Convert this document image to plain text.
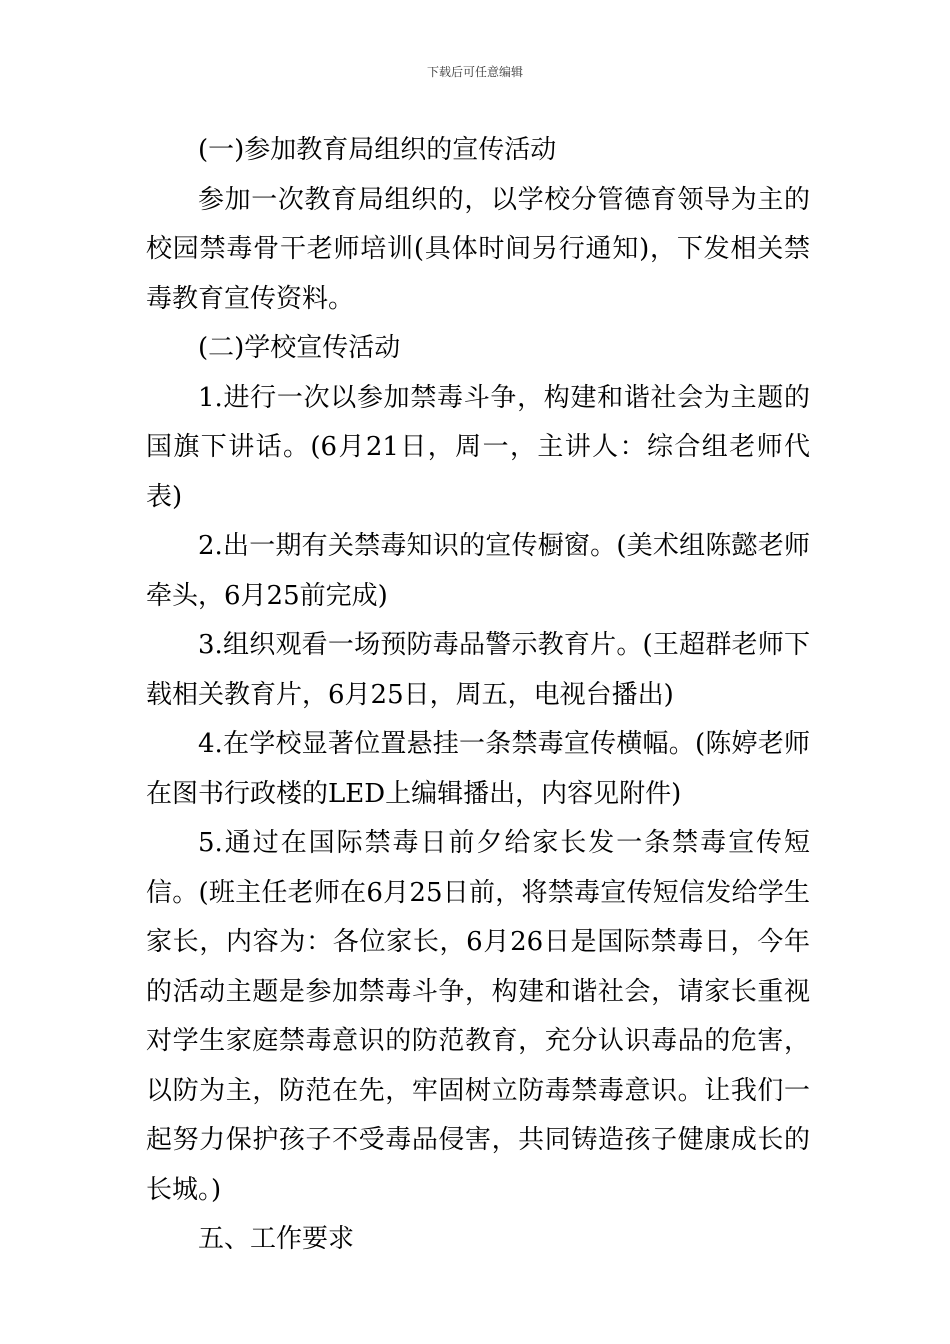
下载后可任意编辑

(一)参加教育局组织的宣传活动

参加一次教育局组织的，以学校分管德育领导为主的校园禁毒骨干老师培训(具体时间另行通知)，下发相关禁毒教育宣传资料。

(二)学校宣传活动

1.进行一次以参加禁毒斗争，构建和谐社会为主题的国旗下讲话。(6月21日，周一，主讲人：综合组老师代表)

2.出一期有关禁毒知识的宣传橱窗。(美术组陈懿老师牵头，6月25前完成)

3.组织观看一场预防毒品警示教育片。(王超群老师下载相关教育片，6月25日，周五，电视台播出)

4.在学校显著位置悬挂一条禁毒宣传横幅。(陈婷老师在图书行政楼的LED上编辑播出，内容见附件)

5.通过在国际禁毒日前夕给家长发一条禁毒宣传短信。(班主任老师在6月25日前，将禁毒宣传短信发给学生家长，内容为：各位家长，6月26日是国际禁毒日，今年的活动主题是参加禁毒斗争，构建和谐社会，请家长重视对学生家庭禁毒意识的防范教育，充分认识毒品的危害，以防为主，防范在先，牢固树立防毒禁毒意识。让我们一起努力保护孩子不受毒品侵害，共同铸造孩子健康成长的长城。)

五、工作要求
